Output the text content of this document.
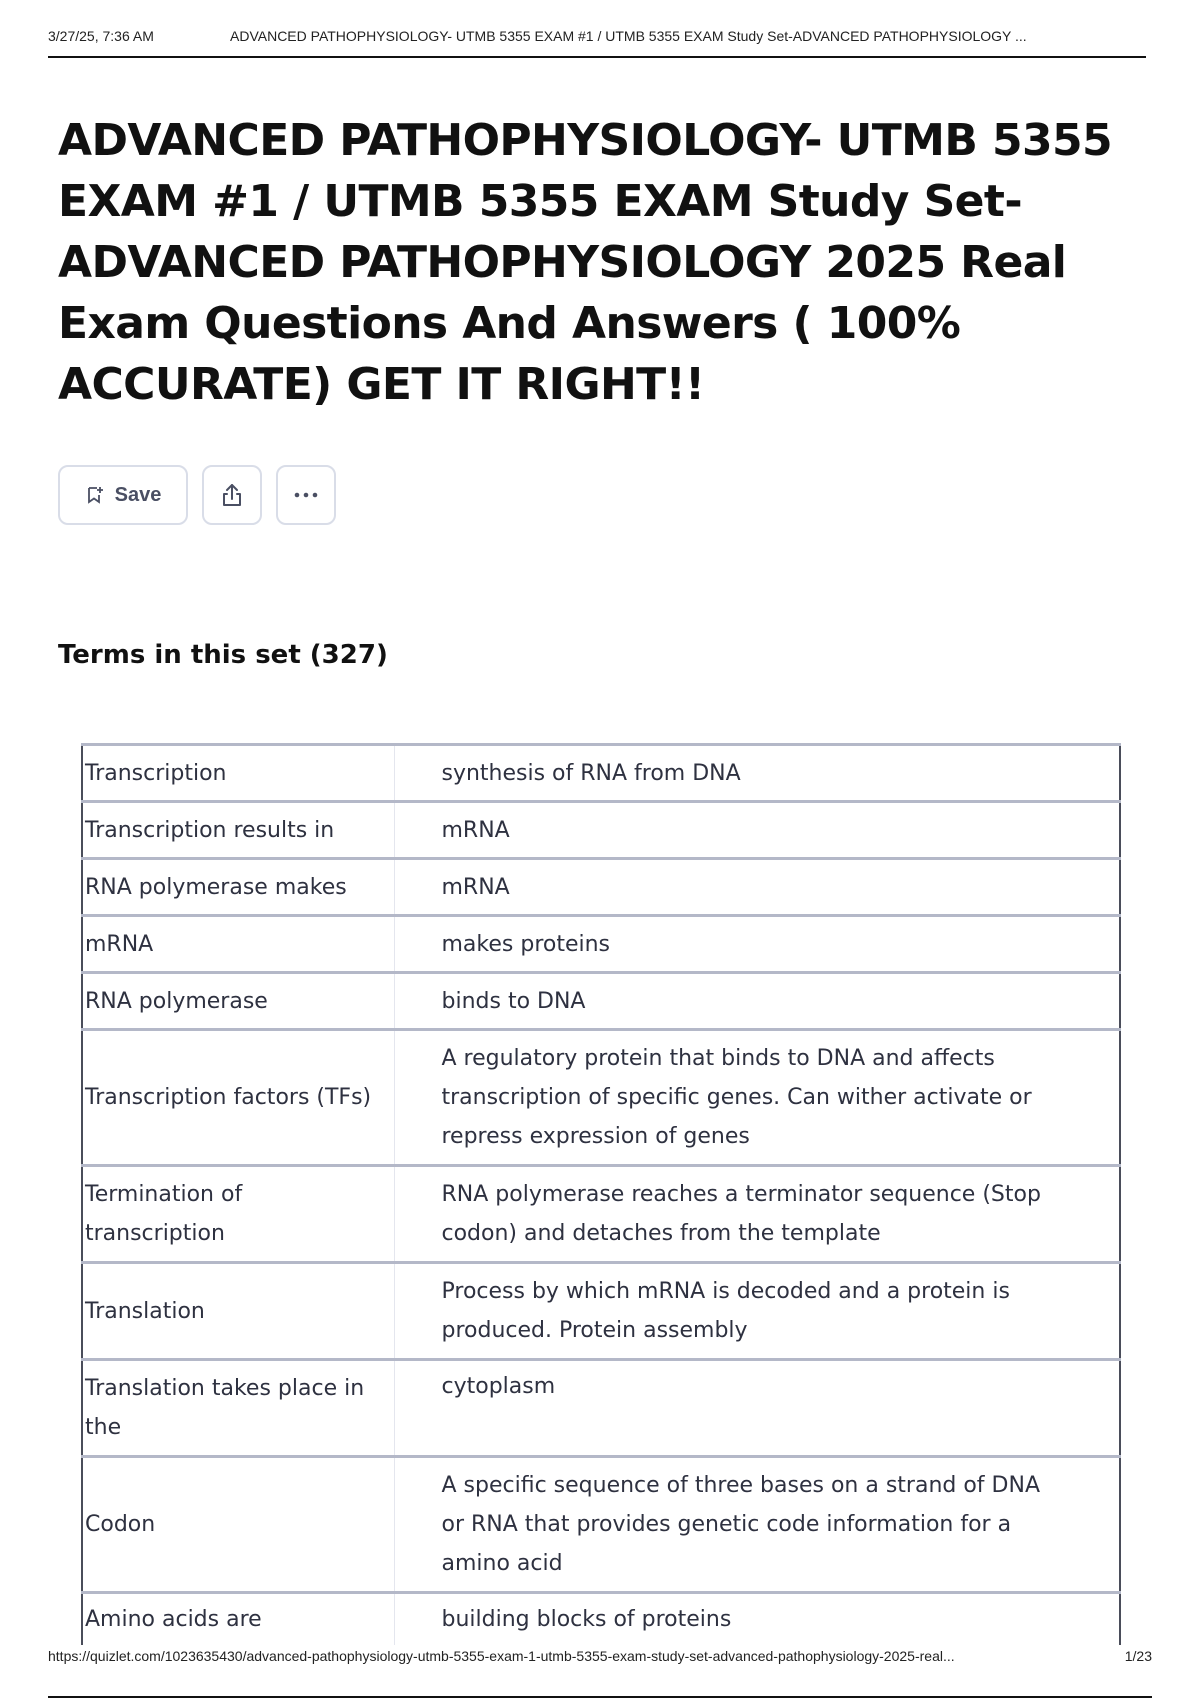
3/27/25, 7:36 AM	ADVANCED PATHOPHYSIOLOGY- UTMB 5355 EXAM #1 / UTMB 5355 EXAM Study Set-ADVANCED PATHOPHYSIOLOGY ...
ADVANCED PATHOPHYSIOLOGY- UTMB 5355 EXAM #1 / UTMB 5355 EXAM Study Set-ADVANCED PATHOPHYSIOLOGY 2025 Real Exam Questions And Answers ( 100% ACCURATE) GET IT RIGHT!!
Save
Terms in this set (327)
Transcription	synthesis of RNA from DNA
Transcription results in	mRNA
RNA polymerase makes	mRNA
mRNA	makes proteins
RNA polymerase	binds to DNA
Transcription factors (TFs)	A regulatory protein that binds to DNA and affects transcription of specific genes. Can wither activate or repress expression of genes
Termination of transcription	RNA polymerase reaches a terminator sequence (Stop codon) and detaches from the template
Translation	Process by which mRNA is decoded and a protein is produced. Protein assembly
Translation takes place in the	cytoplasm
Codon	A specific sequence of three bases on a strand of DNA or RNA that provides genetic code information for a amino acid
Amino acids are	building blocks of proteins
https://quizlet.com/1023635430/advanced-pathophysiology-utmb-5355-exam-1-utmb-5355-exam-study-set-advanced-pathophysiology-2025-real...	1/23
